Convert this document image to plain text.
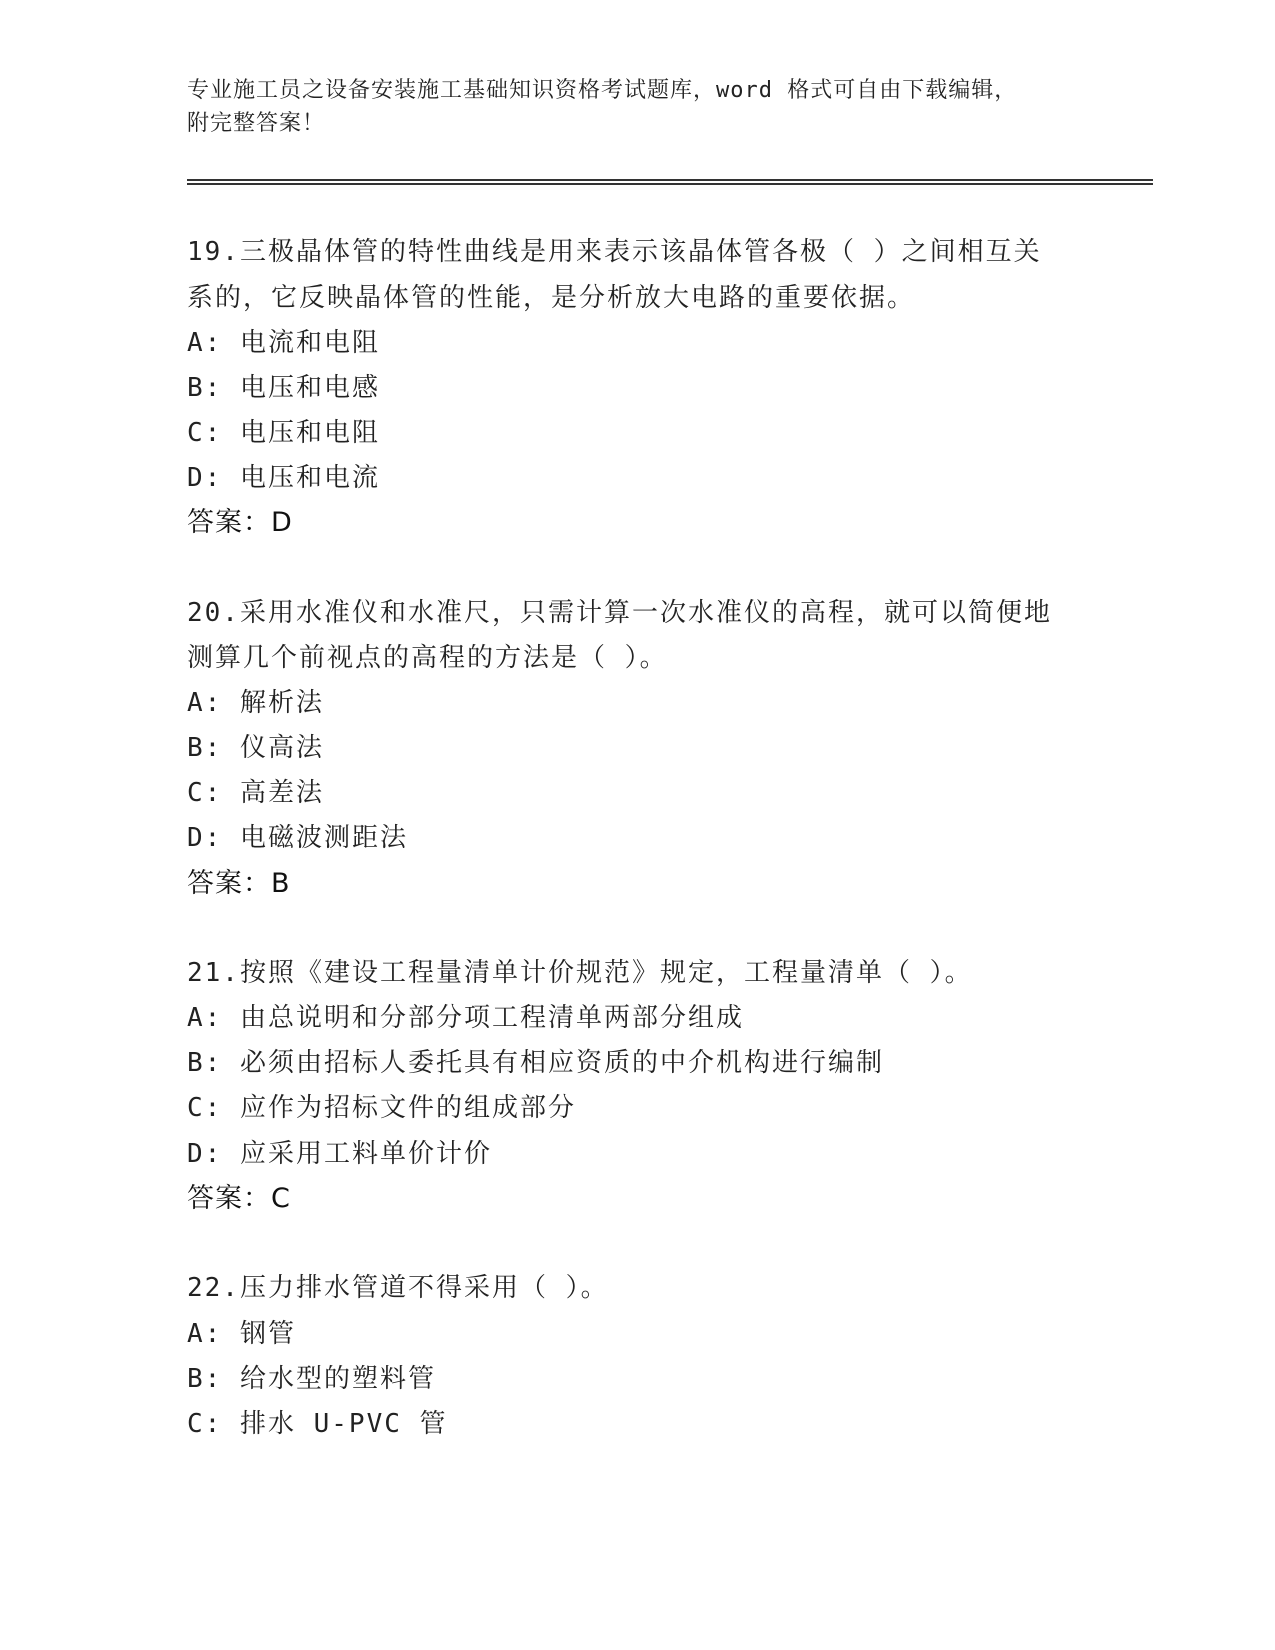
专业施工员之设备安装施工基础知识资格考试题库，word 格式可自由下载编辑，
附完整答案！
19.三极晶体管的特性曲线是用来表示该晶体管各极（ ）之间相互关
系的，它反映晶体管的性能，是分析放大电路的重要依据。
A: 电流和电阻
B: 电压和电感
C: 电压和电阻
D: 电压和电流
答案：D
20.采用水准仪和水准尺，只需计算一次水准仪的高程，就可以简便地
测算几个前视点的高程的方法是（ ）。
A: 解析法
B: 仪高法
C: 高差法
D: 电磁波测距法
答案：B
21.按照《建设工程量清单计价规范》规定，工程量清单（ ）。
A: 由总说明和分部分项工程清单两部分组成
B: 必须由招标人委托具有相应资质的中介机构进行编制
C: 应作为招标文件的组成部分
D: 应采用工料单价计价
答案：C
22.压力排水管道不得采用（ ）。
A: 钢管
B: 给水型的塑料管
C: 排水 U-PVC 管
